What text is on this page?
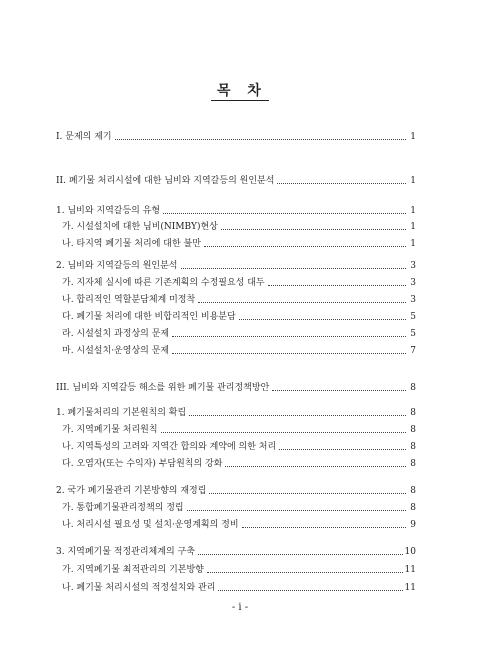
목 차
I. 문제의 제기	1
II. 폐기물 처리시설에 대한 님비와 지역갈등의 원인분석	1
1. 님비와 지역갈등의 유형	1
가. 시설설치에 대한 님비(NIMBY)현상	1
나. 타지역 폐기물 처리에 대한 불만	1
2. 님비와 지역갈등의 원인분석	3
가. 지자체 실시에 따른 기존계획의 수정필요성 대두	3
나. 합리적인 역할분담체계 미정착	3
다. 폐기물 처리에 대한 비합리적인 비용분담	5
라. 시설설치 과정상의 문제	5
마. 시설설치·운영상의 문제	7
III. 님비와 지역갈등 해소를 위한 폐기물 관리정책방안	8
1. 폐기물처리의 기본원칙의 확립	8
가. 지역폐기물 처리원칙	8
나. 지역특성의 고려와 지역간 합의와 계약에 의한 처리	8
다. 오염자(또는 수익자) 부담원칙의 강화	8
2. 국가 폐기물관리 기본방향의 재정립	8
가. 통합폐기물관리정책의 정립	8
나. 처리시설 필요성 및 설치·운영계획의 정비	9
3. 지역폐기물 적정관리체계의 구축	10
가. 지역폐기물 최적관리의 기본방향	11
나. 폐기물 처리시설의 적정설치와 관리	11
- i -
